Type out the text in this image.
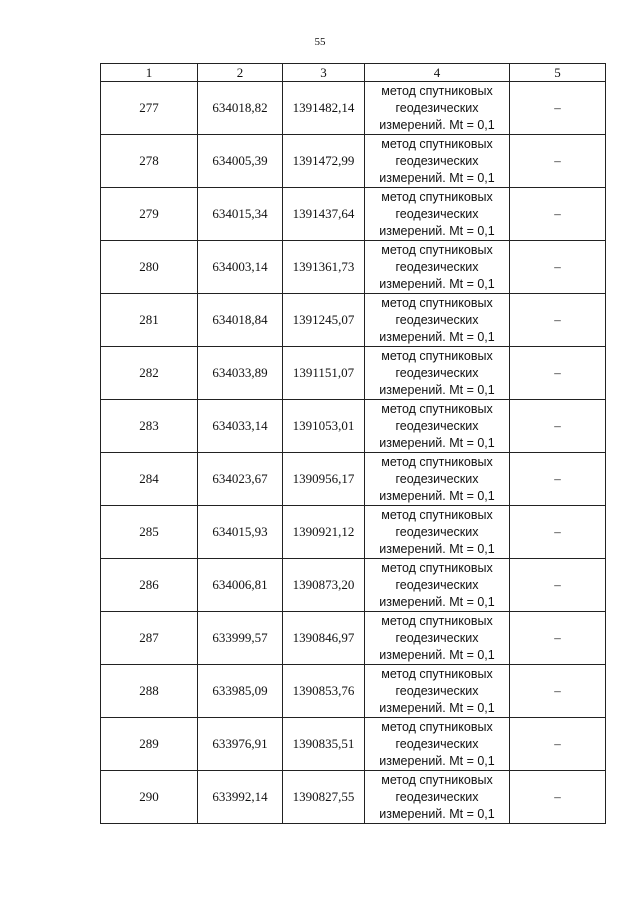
55
1	2	3	4	5
277	634018,82	1391482,14	метод спутниковых
геодезических
измерений. Mt = 0,1	–
278	634005,39	1391472,99	метод спутниковых
геодезических
измерений. Mt = 0,1	–
279	634015,34	1391437,64	метод спутниковых
геодезических
измерений. Mt = 0,1	–
280	634003,14	1391361,73	метод спутниковых
геодезических
измерений. Mt = 0,1	–
281	634018,84	1391245,07	метод спутниковых
геодезических
измерений. Mt = 0,1	–
282	634033,89	1391151,07	метод спутниковых
геодезических
измерений. Mt = 0,1	–
283	634033,14	1391053,01	метод спутниковых
геодезических
измерений. Mt = 0,1	–
284	634023,67	1390956,17	метод спутниковых
геодезических
измерений. Mt = 0,1	–
285	634015,93	1390921,12	метод спутниковых
геодезических
измерений. Mt = 0,1	–
286	634006,81	1390873,20	метод спутниковых
геодезических
измерений. Mt = 0,1	–
287	633999,57	1390846,97	метод спутниковых
геодезических
измерений. Mt = 0,1	–
288	633985,09	1390853,76	метод спутниковых
геодезических
измерений. Mt = 0,1	–
289	633976,91	1390835,51	метод спутниковых
геодезических
измерений. Mt = 0,1	–
290	633992,14	1390827,55	метод спутниковых
геодезических
измерений. Mt = 0,1	–
